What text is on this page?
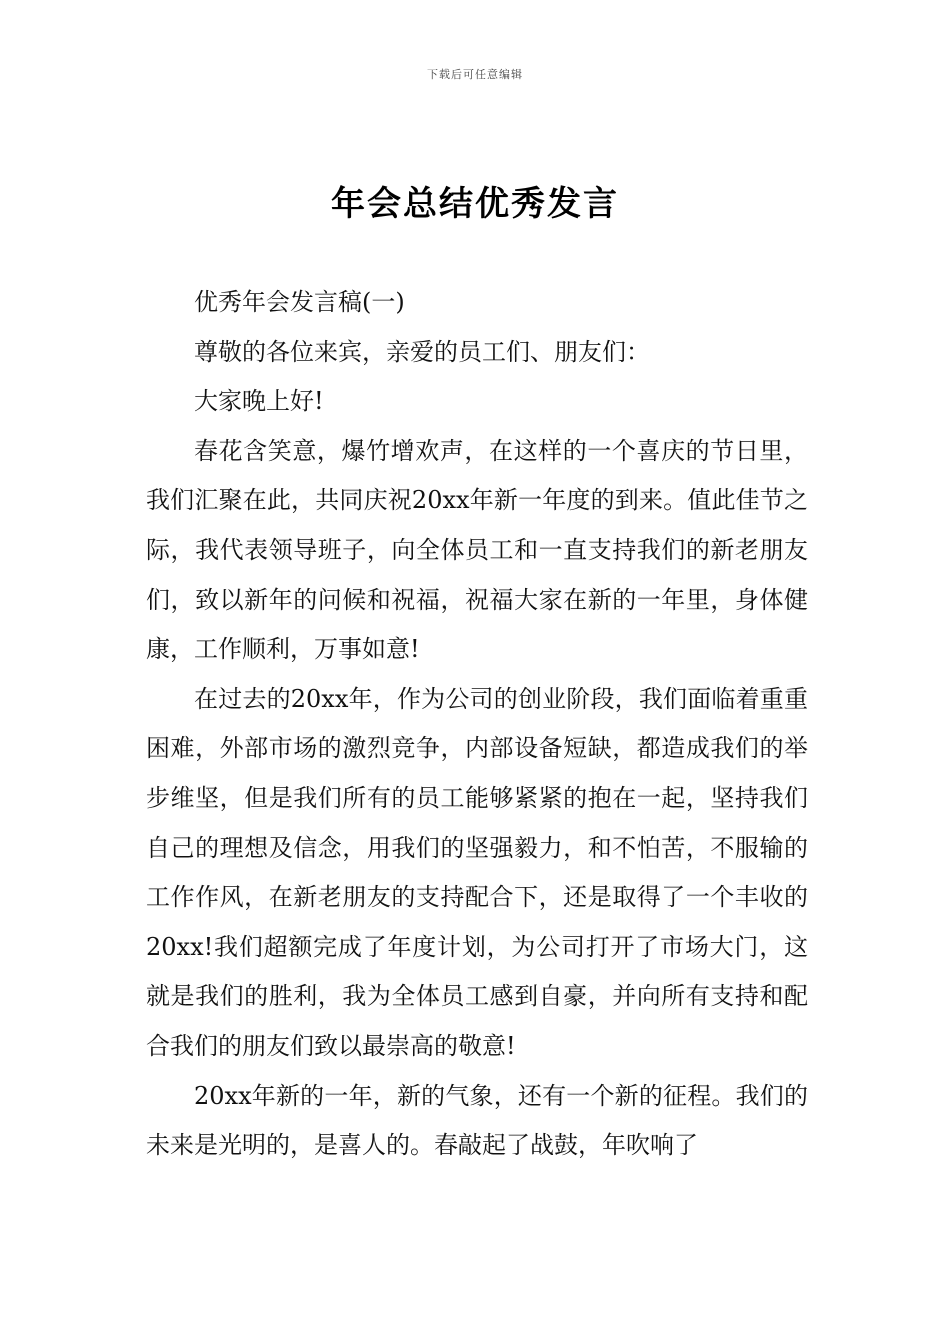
下载后可任意编辑
年会总结优秀发言

优秀年会发言稿(一)

尊敬的各位来宾，亲爱的员工们、朋友们：

大家晚上好!

春花含笑意，爆竹增欢声，在这样的一个喜庆的节日里，我们汇聚在此，共同庆祝20xx年新一年度的到来。值此佳节之际，我代表领导班子，向全体员工和一直支持我们的新老朋友们，致以新年的问候和祝福，祝福大家在新的一年里，身体健康，工作顺利，万事如意!

在过去的20xx年，作为公司的创业阶段，我们面临着重重困难，外部市场的激烈竞争，内部设备短缺，都造成我们的举步维坚，但是我们所有的员工能够紧紧的抱在一起，坚持我们自己的理想及信念，用我们的坚强毅力，和不怕苦，不服输的工作作风，在新老朋友的支持配合下，还是取得了一个丰收的20xx!我们超额完成了年度计划，为公司打开了市场大门，这就是我们的胜利，我为全体员工感到自豪，并向所有支持和配合我们的朋友们致以最崇高的敬意!

20xx年新的一年，新的气象，还有一个新的征程。我们的未来是光明的，是喜人的。春敲起了战鼓，年吹响了
